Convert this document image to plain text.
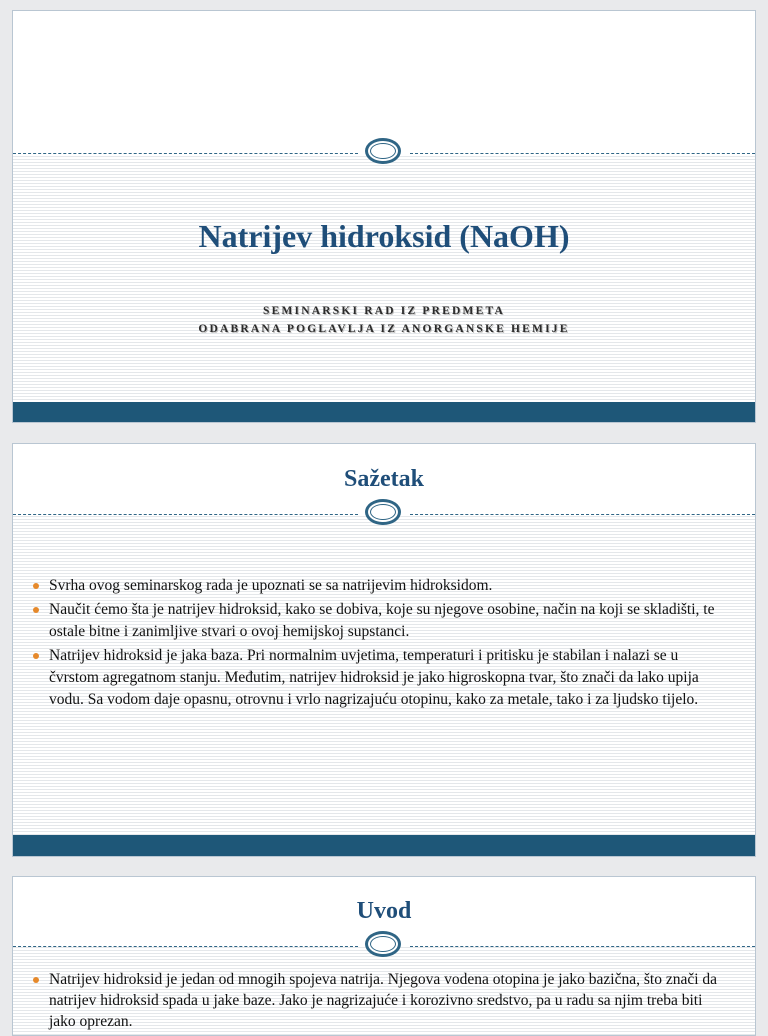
Natrijev hidroksid (NaOH)
SEMINARSKI RAD IZ PREDMETA
ODABRANA POGLAVLJA IZ ANORGANSKE HEMIJE
Sažetak
Svrha ovog seminarskog rada je upoznati se sa natrijevim hidroksidom.
Naučit ćemo šta je natrijev hidroksid, kako se dobiva, koje su njegove osobine, način na koji se skladišti, te ostale bitne i zanimljive stvari o ovoj hemijskoj supstanci.
Natrijev hidroksid je jaka baza. Pri normalnim uvjetima, temperaturi i pritisku je stabilan i nalazi se u čvrstom agregatnom stanju. Međutim, natrijev hidroksid je jako higroskopna tvar, što znači da lako upija vodu. Sa vodom daje opasnu, otrovnu i vrlo nagrizajuću otopinu, kako za metale, tako i za ljudsko tijelo.
Uvod
Natrijev hidroksid je jedan od mnogih spojeva natrija. Njegova vodena otopina je jako bazična, što znači da natrijev hidroksid spada u jake baze. Jako je nagrizajuće i korozivno sredstvo, pa u radu sa njim treba biti jako oprezan.
